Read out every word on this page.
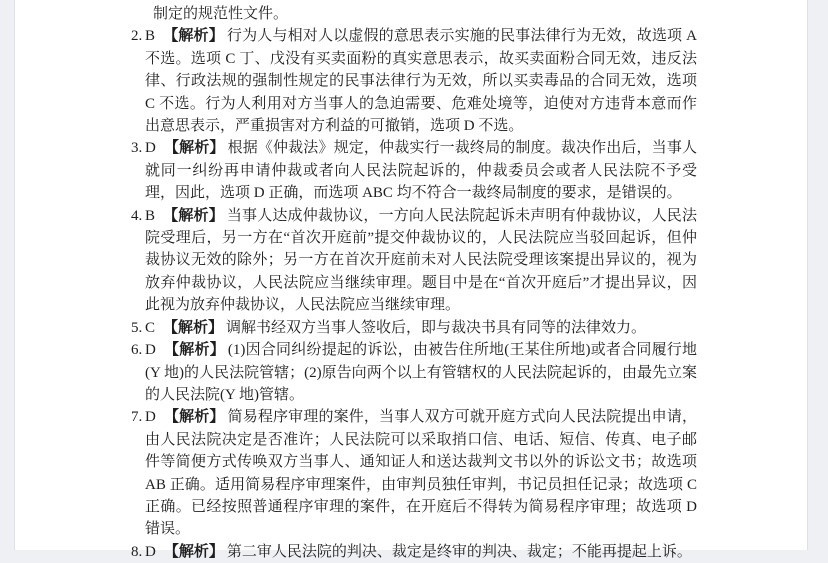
制定的规范性文件。
2. B 【解析】 行为人与相对人以虚假的意思表示实施的民事法律行为无效，故选项 A 不选。选项 C 丁、戊没有买卖面粉的真实意思表示，故买卖面粉合同无效，违反法律、行政法规的强制性规定的民事法律行为无效，所以买卖毒品的合同无效，选项 C 不选。行为人利用对方当事人的急迫需要、危难处境等，迫使对方违背本意而作出意思表示，严重损害对方利益的可撤销，选项 D 不选。
3. D 【解析】 根据《仲裁法》规定，仲裁实行一裁终局的制度。裁决作出后，当事人就同一纠纷再申请仲裁或者向人民法院起诉的，仲裁委员会或者人民法院不予受理，因此，选项 D 正确，而选项 ABC 均不符合一裁终局制度的要求，是错误的。
4. B 【解析】 当事人达成仲裁协议，一方向人民法院起诉未声明有仲裁协议，人民法院受理后，另一方在“首次开庭前”提交仲裁协议的，人民法院应当驳回起诉，但仲裁协议无效的除外；另一方在首次开庭前未对人民法院受理该案提出异议的，视为放弃仲裁协议，人民法院应当继续审理。题目中是在“首次开庭后”才提出异议，因此视为放弃仲裁协议，人民法院应当继续审理。
5. C 【解析】 调解书经双方当事人签收后，即与裁决书具有同等的法律效力。
6. D 【解析】 (1)因合同纠纷提起的诉讼，由被告住所地(王某住所地)或者合同履行地(Y 地)的人民法院管辖；(2)原告向两个以上有管辖权的人民法院起诉的，由最先立案的人民法院(Y 地)管辖。
7. D 【解析】 简易程序审理的案件，当事人双方可就开庭方式向人民法院提出申请，由人民法院决定是否准许；人民法院可以采取捎口信、电话、短信、传真、电子邮件等简便方式传唤双方当事人、通知证人和送达裁判文书以外的诉讼文书；故选项 AB 正确。适用简易程序审理案件，由审判员独任审判，书记员担任记录；故选项 C 正确。已经按照普通程序审理的案件，在开庭后不得转为简易程序审理；故选项 D 错误。
8. D 【解析】 第二审人民法院的判决、裁定是终审的判决、裁定；不能再提起上诉。
